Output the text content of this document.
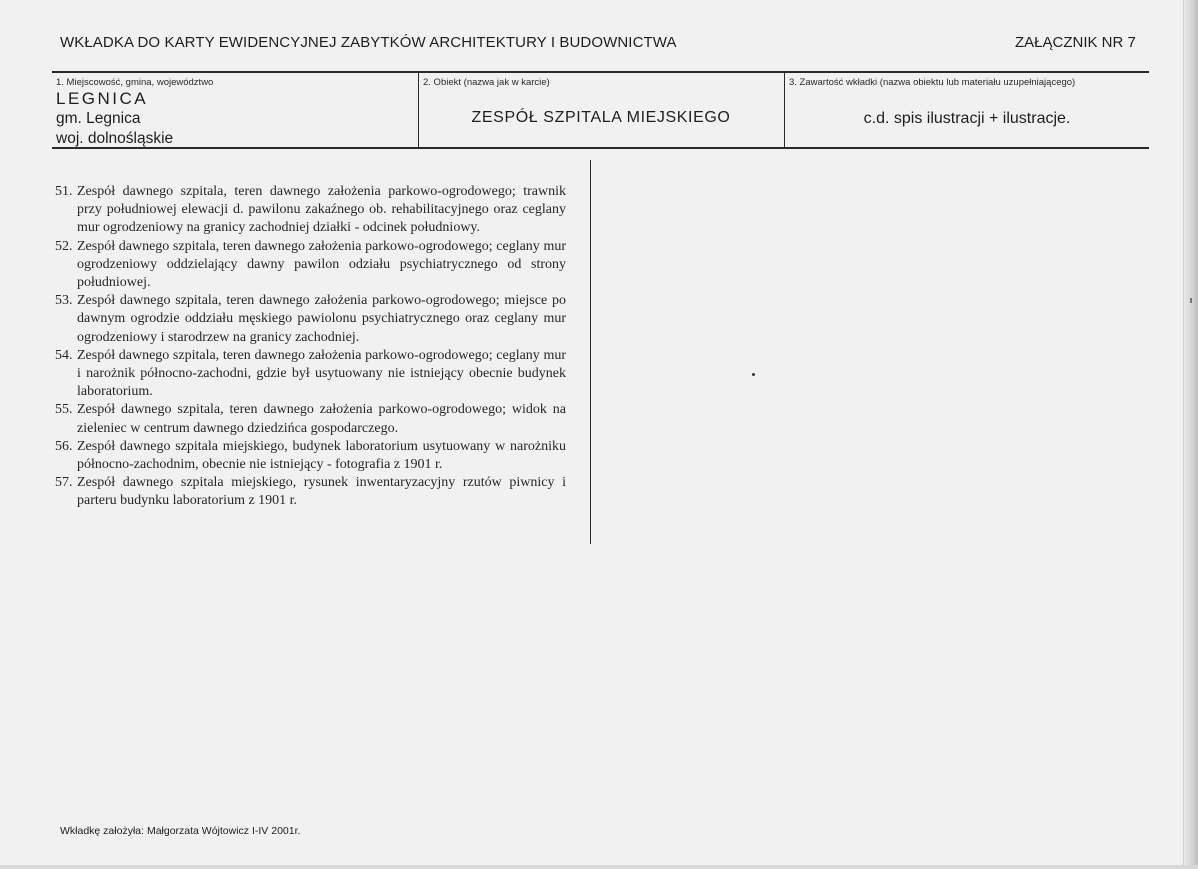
WKŁADKA DO KARTY EWIDENCYJNEJ ZABYTKÓW ARCHITEKTURY I BUDOWNICTWA	ZAŁĄCZNIK NR 7
1. Miejscowość, gmina, województwo
LEGNICA
gm. Legnica
woj. dolnośląskie
2. Obiekt (nazwa jak w karcie)
ZESPÓŁ SZPITALA MIEJSKIEGO
3. Zawartość wkładki (nazwa obiektu lub materiału uzupełniającego)
c.d. spis ilustracji + ilustracje.
51. Zespół dawnego szpitala, teren dawnego założenia parkowo-ogrodowego; trawnik przy południowej elewacji d. pawilonu zakaźnego ob. rehabilitacyjnego oraz ceglany mur ogrodzeniowy na granicy zachodniej działki - odcinek południowy.
52. Zespół dawnego szpitala, teren dawnego założenia parkowo-ogrodowego; ceglany mur ogrodzeniowy oddzielający dawny pawilon odziału psychiatrycznego od strony południowej.
53. Zespół dawnego szpitala, teren dawnego założenia parkowo-ogrodowego; miejsce po dawnym ogrodzie oddziału męskiego pawiolonu psychiatrycznego oraz ceglany mur ogrodzeniowy i starodrzew na granicy zachodniej.
54. Zespół dawnego szpitala, teren dawnego założenia parkowo-ogrodowego; ceglany mur i narożnik północno-zachodni, gdzie był usytuowany nie istniejący obecnie budynek laboratorium.
55. Zespół dawnego szpitala, teren dawnego założenia parkowo-ogrodowego; widok na zieleniec w centrum dawnego dziedzińca gospodarczego.
56. Zespół dawnego szpitala miejskiego, budynek laboratorium usytuowany w narożniku północno-zachodnim, obecnie nie istniejący - fotografia z 1901 r.
57. Zespół dawnego szpitala miejskiego, rysunek inwentaryzacyjny rzutów piwnicy i parteru budynku laboratorium z 1901 r.
Wkładkę założyła: Małgorzata Wójtowicz I-IV 2001r.
